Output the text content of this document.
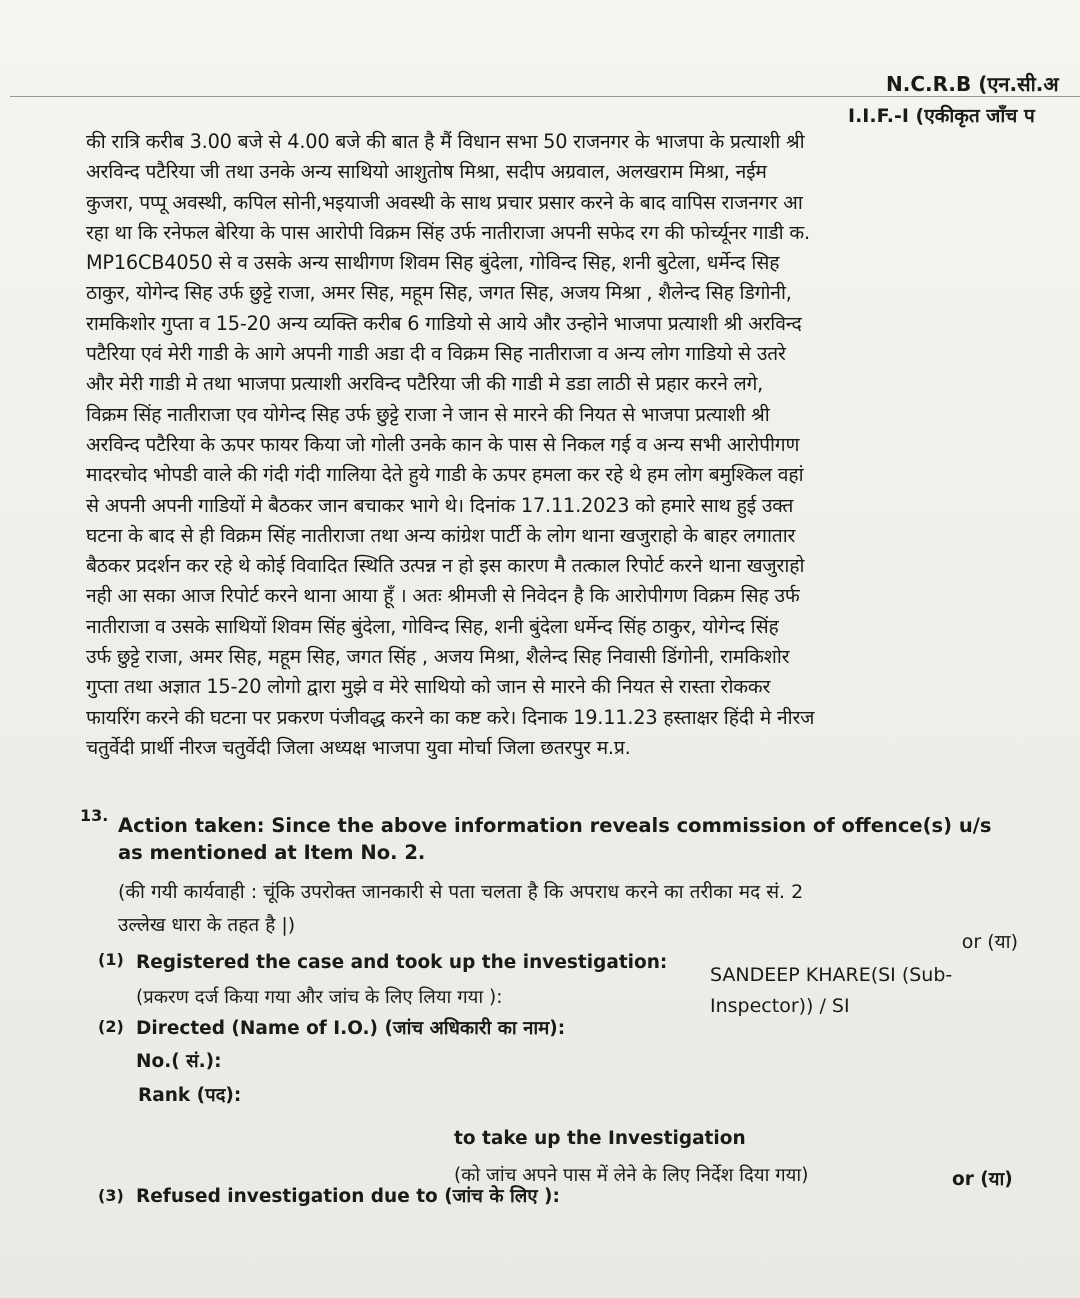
N.C.R.B (एन.सी.अ
I.I.F.-I (एकीकृत जाँच प
की रात्रि करीब 3.00 बजे से 4.00 बजे की बात है मैं विधान सभा 50 राजनगर के भाजपा के प्रत्याशी श्री
अरविन्द पटैरिया जी तथा उनके अन्य साथियो आशुतोष मिश्रा, सदीप अग्रवाल, अलखराम मिश्रा, नईम
कुजरा, पप्पू अवस्थी, कपिल सोनी,भइयाजी अवस्थी के साथ प्रचार प्रसार करने के बाद वापिस राजनगर आ
रहा था कि रनेफल बेरिया के पास आरोपी विक्रम सिंह उर्फ नातीराजा अपनी सफेद रग की फोर्च्यूनर गाडी क.
MP16CB4050 से व उसके अन्य साथीगण शिवम सिह बुंदेला, गोविन्द सिह, शनी बुटेला, धर्मेन्द सिह
ठाकुर, योगेन्द सिह उर्फ छुट्टे राजा, अमर सिह, महूम सिह, जगत सिह, अजय मिश्रा , शैलेन्द सिह डिगोनी,
रामकिशोर गुप्ता व 15-20 अन्य व्यक्ति करीब 6 गाडियो से आये और उन्होने भाजपा प्रत्याशी श्री अरविन्द
पटैरिया एवं मेरी गाडी के आगे अपनी गाडी अडा दी व विक्रम सिह नातीराजा व अन्य लोग गाडियो से उतरे
और मेरी गाडी मे तथा भाजपा प्रत्याशी अरविन्द पटैरिया जी की गाडी मे डडा लाठी से प्रहार करने लगे,
विक्रम सिंह नातीराजा एव योगेन्द सिह उर्फ छुट्टे राजा ने जान से मारने की नियत से भाजपा प्रत्याशी श्री
अरविन्द पटैरिया के ऊपर फायर किया जो गोली उनके कान के पास से निकल गई व अन्य सभी आरोपीगण
मादरचोद भोपडी वाले की गंदी गंदी गालिया देते हुये गाडी के ऊपर हमला कर रहे थे हम लोग बमुश्किल वहां
से अपनी अपनी गाडियों मे बैठकर जान बचाकर भागे थे। दिनांक 17.11.2023 को हमारे साथ हुई उक्त
घटना के बाद से ही विक्रम सिंह नातीराजा तथा अन्य कांग्रेश पार्टी के लोग थाना खजुराहो के बाहर लगातार
बैठकर प्रदर्शन कर रहे थे कोई विवादित स्थिति उत्पन्न न हो इस कारण मै तत्काल रिपोर्ट करने थाना खजुराहो
नही आ सका आज रिपोर्ट करने थाना आया हूँ । अतः श्रीमजी से निवेदन है कि आरोपीगण विक्रम सिह उर्फ
नातीराजा व उसके साथियों शिवम सिंह बुंदेला, गोविन्द सिह, शनी बुंदेला धर्मेन्द सिंह ठाकुर, योगेन्द सिंह
उर्फ छुट्टे राजा, अमर सिह, महूम सिह, जगत सिंह , अजय मिश्रा, शैलेन्द सिह निवासी डिंगोनी, रामकिशोर
गुप्ता तथा अज्ञात 15-20 लोगो द्वारा मुझे व मेरे साथियो को जान से मारने की नियत से रास्ता रोककर
फायरिंग करने की घटना पर प्रकरण पंजीवद्ध करने का कष्ट करे। दिनाक 19.11.23 हस्ताक्षर हिंदी मे नीरज
चतुर्वेदी प्रार्थी नीरज चतुर्वेदी जिला अध्यक्ष भाजपा युवा मोर्चा जिला छतरपुर म.प्र.
13. Action taken: Since the above information reveals commission of offence(s) u/s
as mentioned at Item No. 2.
(की गयी कार्यवाही : चूंकि उपरोक्त जानकारी से पता चलता है कि अपराध करने का तरीका मद सं. 2
उल्लेख धारा के तहत है |)
or (या)
(1) Registered the case and took up the investigation:
(प्रकरण दर्ज किया गया और जांच के लिए लिया गया ):
SANDEEP KHARE(SI (Sub-
Inspector)) / SI
(2) Directed (Name of I.O.) (जांच अधिकारी का नाम):
No.( सं.):
Rank (पद):
to take up the Investigation
(को जांच अपने पास में लेने के लिए निर्देश दिया गया)	or (या)
(3) Refused investigation due to (जांच के लिए ):
